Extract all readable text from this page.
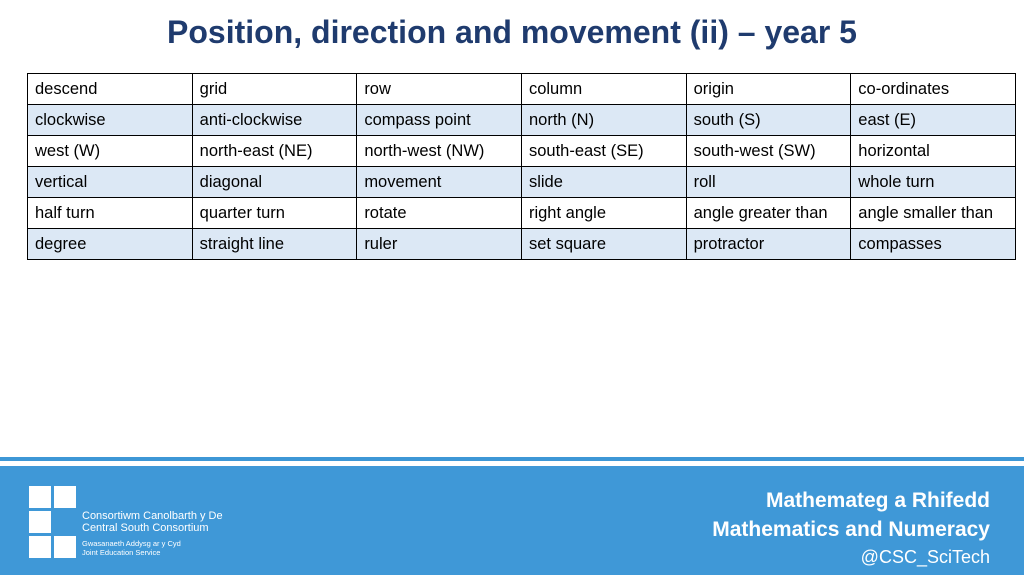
Position, direction and movement (ii) – year 5
descend	grid	row	column	origin	co-ordinates
clockwise	anti-clockwise	compass point	north (N)	south (S)	east (E)
west (W)	north-east (NE)	north-west (NW)	south-east (SE)	south-west (SW)	horizontal
vertical	diagonal	movement	slide	roll	whole turn
half turn	quarter turn	rotate	right angle	angle greater than	angle smaller than
degree	straight line	ruler	set square	protractor	compasses
Consortiwm Canolbarth y De
Central South Consortium
Gwasanaeth Addysg ar y Cyd
Joint Education Service
Mathemateg a Rhifedd
Mathematics and Numeracy
@CSC_SciTech
